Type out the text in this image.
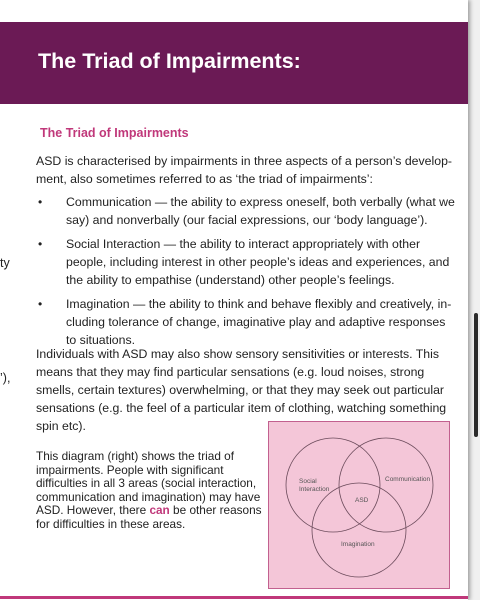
The Triad of Impairments:
ty
’),
The Triad of Impairments

ASD is characterised by impairments in three aspects of a person’s develop-ment, also sometimes referred to as ‘the triad of impairments’:

• Communication — the ability to express oneself, both verbally (what we say) and nonverbally (our facial expressions, our ‘body language’).
• Social Interaction — the ability to interact appropriately with other people, including interest in other people’s ideas and experiences, and the ability to empathise (understand) other people’s feelings.
• Imagination — the ability to think and behave flexibly and creatively, in-cluding tolerance of change, imaginative play and adaptive responses to situations.

Individuals with ASD may also show sensory sensitivities or interests. This means that they may find particular sensations (e.g. loud noises, strong smells, certain textures) overwhelming, or that they may seek out particular sensations (e.g. the feel of a particular item of clothing, watching something spin etc).

This diagram (right) shows the triad of impairments. People with significant difficulties in all 3 areas (social interaction, communication and imagination) may have ASD. However, there can be other reasons for difficulties in these areas.

Social
Interaction
Communication
ASD
Imagination
